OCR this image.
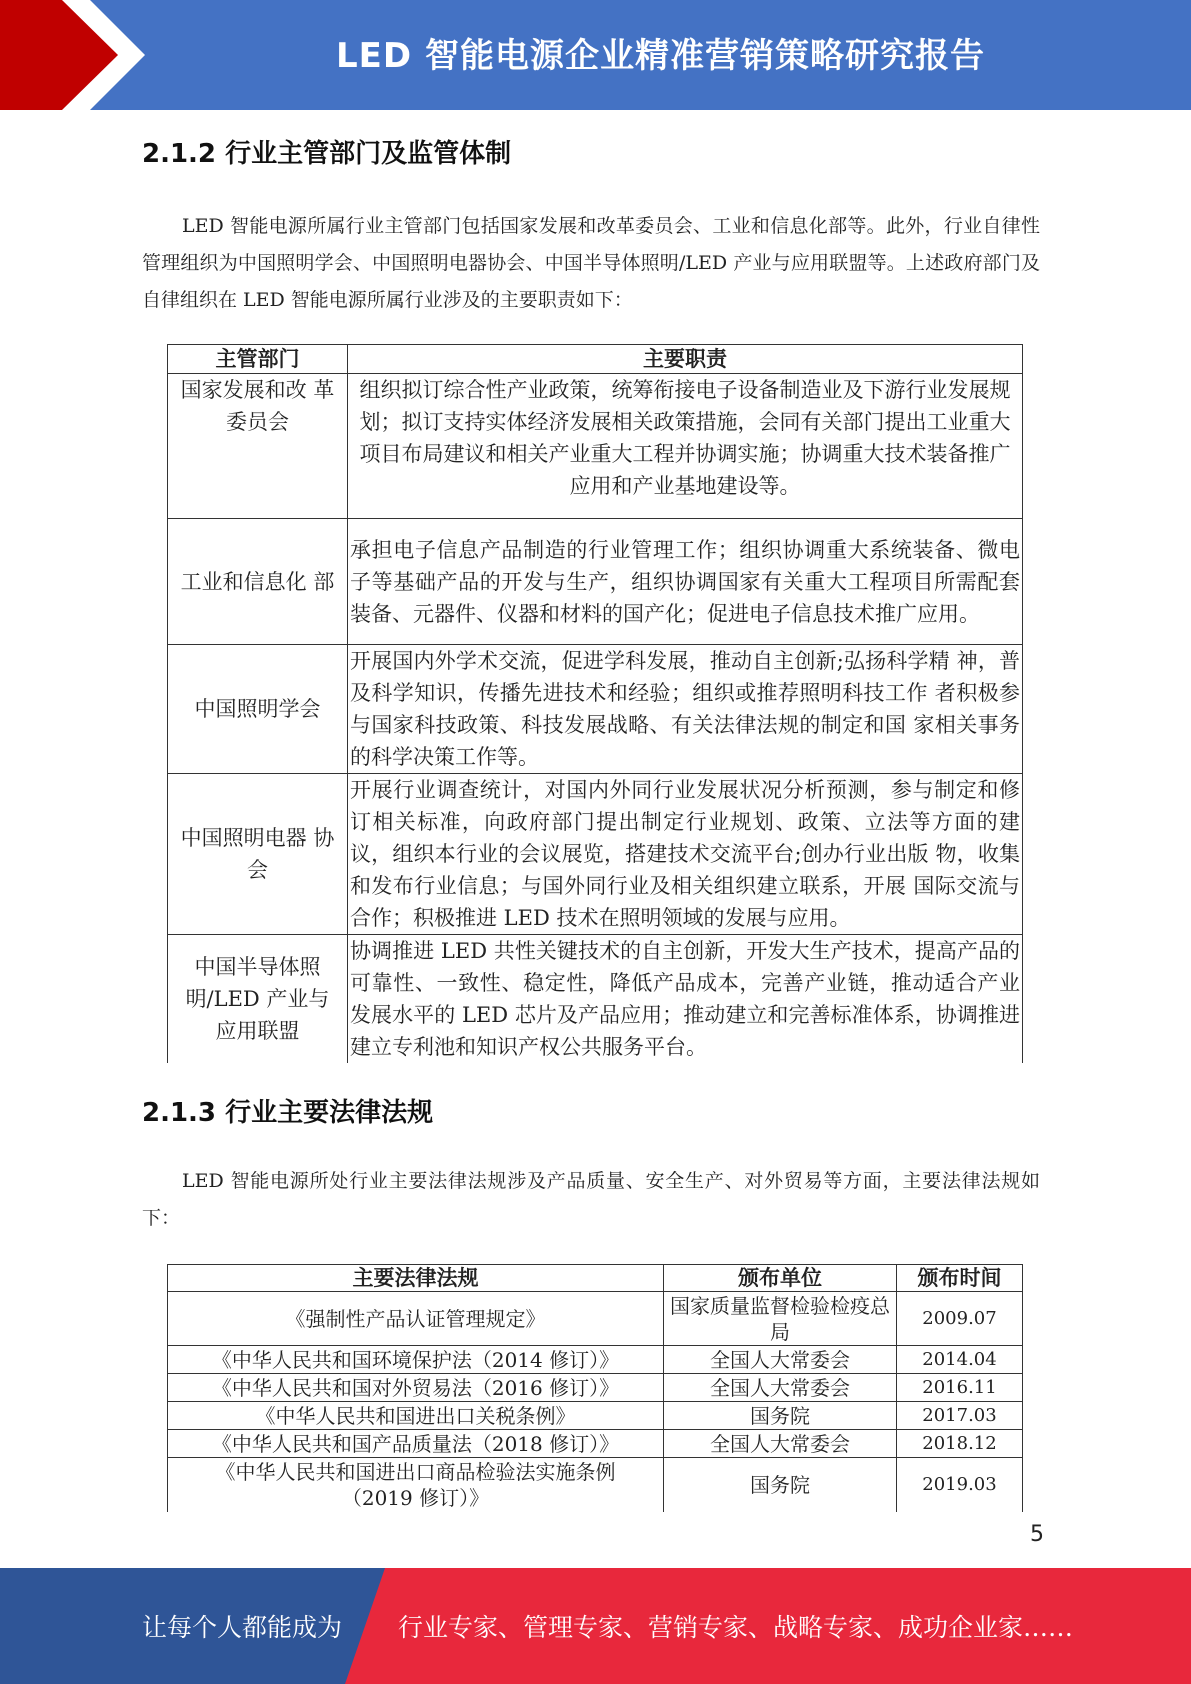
LED 智能电源企业精准营销策略研究报告
2.1.2 行业主管部门及监管体制

LED 智能电源所属行业主管部门包括国家发展和改革委员会、工业和信息化部等。此外，行业自律性管理组织为中国照明学会、中国照明电器协会、中国半导体照明/LED 产业与应用联盟等。上述政府部门及自律组织在 LED 智能电源所属行业涉及的主要职责如下：

主管部门	主要职责
国家发展和改 革委员会	组织拟订综合性产业政策，统筹衔接电子设备制造业及下游行业发展规划；拟订支持实体经济发展相关政策措施，会同有关部门提出工业重大项目布局建议和相关产业重大工程并协调实施；协调重大技术装备推广应用和产业基地建设等。
工业和信息化 部	承担电子信息产品制造的行业管理工作；组织协调重大系统装备、微电子等基础产品的开发与生产，组织协调国家有关重大工程项目所需配套装备、元器件、仪器和材料的国产化；促进电子信息技术推广应用。
中国照明学会	开展国内外学术交流，促进学科发展，推动自主创新;弘扬科学精 神，普及科学知识，传播先进技术和经验；组织或推荐照明科技工作 者积极参与国家科技政策、科技发展战略、有关法律法规的制定和国 家相关事务的科学决策工作等。
中国照明电器 协会	开展行业调查统计，对国内外同行业发展状况分析预测，参与制定和修订相关标准，向政府部门提出制定行业规划、政策、立法等方面的建议，组织本行业的会议展览，搭建技术交流平台;创办行业出版 物，收集和发布行业信息；与国外同行业及相关组织建立联系，开展 国际交流与合作；积极推进 LED 技术在照明领域的发展与应用。
中国半导体照 明/LED 产业与 应用联盟	协调推进 LED 共性关键技术的自主创新，开发大生产技术，提高产品的可靠性、一致性、稳定性，降低产品成本，完善产业链，推动适合产业发展水平的 LED 芯片及产品应用；推动建立和完善标准体系，协调推进建立专利池和知识产权公共服务平台。
2.1.3 行业主要法律法规

LED 智能电源所处行业主要法律法规涉及产品质量、安全生产、对外贸易等方面，主要法律法规如下：

主要法律法规	颁布单位	颁布时间
《强制性产品认证管理规定》	国家质量监督检验检疫总局	2009.07
《中华人民共和国环境保护法（2014 修订）》	全国人大常委会	2014.04
《中华人民共和国对外贸易法（2016 修订）》	全国人大常委会	2016.11
《中华人民共和国进出口关税条例》	国务院	2017.03
《中华人民共和国产品质量法（2018 修订）》	全国人大常委会	2018.12
《中华人民共和国进出口商品检验法实施条例（2019 修订）》	国务院	2019.03
5
让每个人都能成为 行业专家、管理专家、营销专家、战略专家、成功企业家……
